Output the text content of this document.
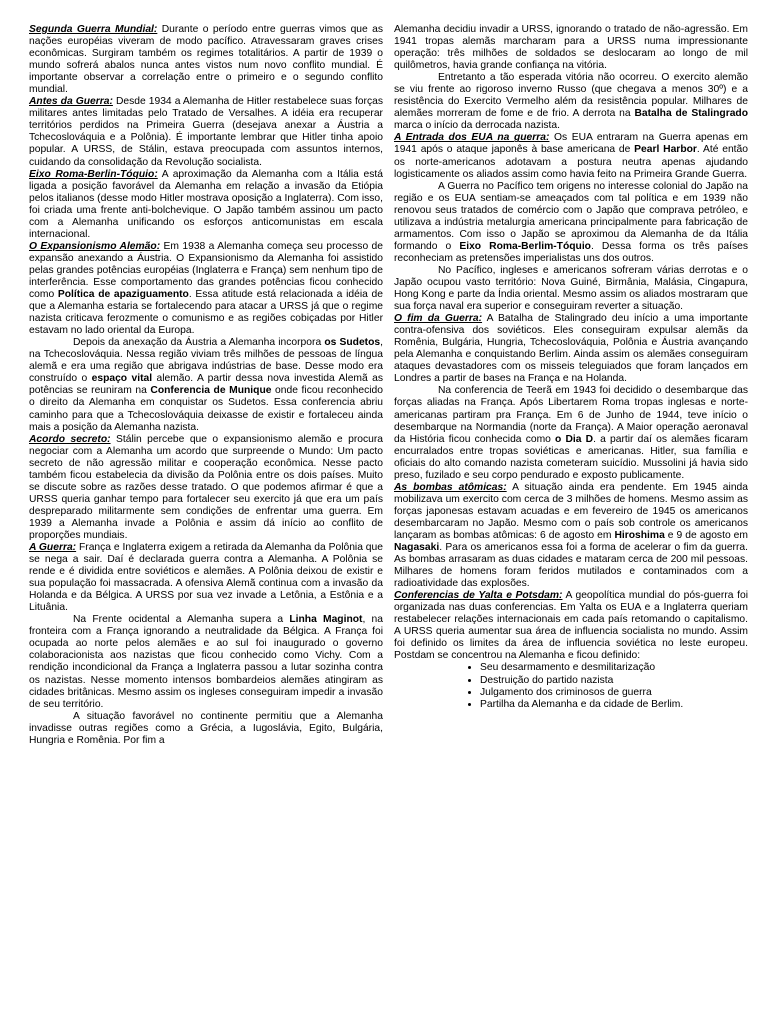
Segunda Guerra Mundial: Durante o período entre guerras vimos que as nações européias viveram de modo pacífico. Atravessaram graves crises econômicas. Surgiram também os regimes totalitários. A partir de 1939 o mundo sofrerá abalos nunca antes vistos num novo conflito mundial. É importante observar a correlação entre o primeiro e o segundo conflito mundial.

Antes da Guerra: Desde 1934 a Alemanha de Hitler restabelece suas forças militares antes limitadas pelo Tratado de Versalhes. A idéia era recuperar territórios perdidos na Primeira Guerra (desejava anexar a Áustria a Tchecoslováquia e a Polônia). É importante lembrar que Hitler tinha apoio popular. A URSS, de Stálin, estava preocupada com assuntos internos, cuidando da consolidação da Revolução socialista.

Eixo Roma-Berlin-Tóquio: A aproximação da Alemanha com a Itália está ligada a posição favorável da Alemanha em relação a invasão da Etiópia pelos italianos (desse modo Hitler mostrava oposição a Inglaterra). Com isso, foi criada uma frente anti-bolchevique. O Japão também assinou um pacto com a Alemanha unificando os esforços anticomunistas em escala internacional.

O Expansionismo Alemão: Em 1938 a Alemanha começa seu processo de expansão anexando a Áustria. O Expansionismo da Alemanha foi assistido pelas grandes potências européias (Inglaterra e França) sem nenhum tipo de interferência. Esse comportamento das grandes potências ficou conhecido como Política de apaziguamento. Essa atitude está relacionada a idéia de que a Alemanha estaria se fortalecendo para atacar a URSS já que o regime nazista criticava ferozmente o comunismo e as regiões cobiçadas por Hitler estavam no lado oriental da Europa.

Depois da anexação da Áustria a Alemanha incorpora os Sudetos, na Tchecoslováquia. Nessa região viviam três milhões de pessoas de língua alemã e era uma região que abrigava indústrias de base. Desse modo era construído o espaço vital alemão. A partir dessa nova investida Alemã as potências se reuniram na Conferencia de Munique onde ficou reconhecido o direito da Alemanha em conquistar os Sudetos. Essa conferencia abriu caminho para que a Tchecoslováquia deixasse de existir e fortaleceu ainda mais a posição da Alemanha nazista.

Acordo secreto: Stálin percebe que o expansionismo alemão e procura negociar com a Alemanha um acordo que surpreende o Mundo: Um pacto secreto de não agressão militar e cooperação econômica. Nesse pacto também ficou estabelecia da divisão da Polônia entre os dois países. Muito se discute sobre as razões desse tratado. O que podemos afirmar é que a URSS queria ganhar tempo para fortalecer seu exercito já que era um país despreparado militarmente sem condições de enfrentar uma guerra. Em 1939 a Alemanha invade a Polônia e assim dá início ao conflito de proporções mundiais.

A Guerra: França e Inglaterra exigem a retirada da Alemanha da Polônia que se nega a sair. Daí é declarada guerra contra a Alemanha. A Polônia se rende e é dividida entre soviéticos e alemães. A Polônia deixou de existir e sua população foi massacrada. A ofensiva Alemã continua com a invasão da Holanda e da Bélgica. A URSS por sua vez invade a Letônia, a Estônia e a Lituânia.

Na Frente ocidental a Alemanha supera a Linha Maginot, na fronteira com a França ignorando a neutralidade da Bélgica. A França foi ocupada ao norte pelos alemães e ao sul foi inaugurado o governo colaboracionista aos nazistas que ficou conhecido como Vichy. Com a rendição incondicional da França a Inglaterra passou a lutar sozinha contra os nazistas. Nesse momento intensos bombardeios alemães atingiram as cidades britânicas. Mesmo assim os ingleses conseguiram impedir a invasão de seu território.

A situação favorável no continente permitiu que a Alemanha invadisse outras regiões como a Grécia, a Iugoslávia, Egito, Bulgária, Hungria e Romênia. Por fim a

Alemanha decidiu invadir a URSS, ignorando o tratado de não-agressão. Em 1941 tropas alemãs marcharam para a URSS numa impressionante operação: três milhões de soldados se deslocaram ao longo de mil quilômetros, havia grande confiança na vitória.

Entretanto a tão esperada vitória não ocorreu. O exercito alemão se viu frente ao rigoroso inverno Russo (que chegava a menos 30º) e a resistência do Exercito Vermelho além da resistência popular. Milhares de alemães morreram de fome e de frio. A derrota na Batalha de Stalingrado marca o início da derrocada nazista.

A Entrada dos EUA na guerra: Os EUA entraram na Guerra apenas em 1941 após o ataque japonês à base americana de Pearl Harbor. Até então os norte-americanos adotavam a postura neutra apenas ajudando logisticamente os aliados assim como havia feito na Primeira Grande Guerra.

A Guerra no Pacífico tem origens no interesse colonial do Japão na região e os EUA sentiam-se ameaçados com tal política e em 1939 não renovou seus tratados de comércio com o Japão que comprava petróleo, e utilizava a indústria metalurgia americana principalmente para fabricação de armamentos. Com isso o Japão se aproximou da Alemanha de da Itália formando o Eixo Roma-Berlim-Tóquio. Dessa forma os três países reconheciam as pretensões imperialistas uns dos outros.

No Pacífico, ingleses e americanos sofreram várias derrotas e o Japão ocupou vasto território: Nova Guiné, Birmânia, Malásia, Cingapura, Hong Kong e parte da Índia oriental. Mesmo assim os aliados mostraram que sua força naval era superior e conseguiram reverter a situação.

O fim da Guerra: A Batalha de Stalingrado deu início a uma importante contra-ofensiva dos soviéticos. Eles conseguiram expulsar alemãs da Romênia, Bulgária, Hungria, Tchecoslováquia, Polônia e Áustria avançando pela Alemanha e conquistando Berlim. Ainda assim os alemães conseguiram ataques devastadores com os misseis teleguiados que foram lançados em Londres a partir de bases na França e na Holanda.

Na conferencia de Teerã em 1943 foi decidido o desembarque das forças aliadas na França. Após Libertarem Roma tropas inglesas e norte-americanas partiram pra França. Em 6 de Junho de 1944, teve início o desembarque na Normandia (norte da França). A Maior operação aeronaval da História ficou conhecida como o Dia D. a partir daí os alemães ficaram encurralados entre tropas soviéticas e americanas. Hitler, sua família e oficiais do alto comando nazista cometeram suicídio. Mussolini já havia sido preso, fuzilado e seu corpo pendurado e exposto publicamente.

As bombas atômicas: A situação ainda era pendente. Em 1945 ainda mobilizava um exercito com cerca de 3 milhões de homens. Mesmo assim as forças japonesas estavam acuadas e em fevereiro de 1945 os americanos desembarcaram no Japão. Mesmo com o país sob controle os americanos lançaram as bombas atômicas: 6 de agosto em Hiroshima e 9 de agosto em Nagasaki. Para os americanos essa foi a forma de acelerar o fim da guerra. As bombas arrasaram as duas cidades e mataram cerca de 200 mil pessoas. Milhares de homens foram feridos mutilados e contaminados com a radioatividade das explosões.

Conferencias de Yalta e Potsdam: A geopolítica mundial do pós-guerra foi organizada nas duas conferencias. Em Yalta os EUA e a Inglaterra queriam restabelecer relações internacionais em cada país retomando o capitalismo. A URSS queria aumentar sua área de influencia socialista no mundo. Assim foi definido os limites da área de influencia soviética no leste europeu. Postdam se concentrou na Alemanha e ficou definido:

• Seu desarmamento e desmilitarização
• Destruição do partido nazista
• Julgamento dos criminosos de guerra
• Partilha da Alemanha e da cidade de Berlim.
